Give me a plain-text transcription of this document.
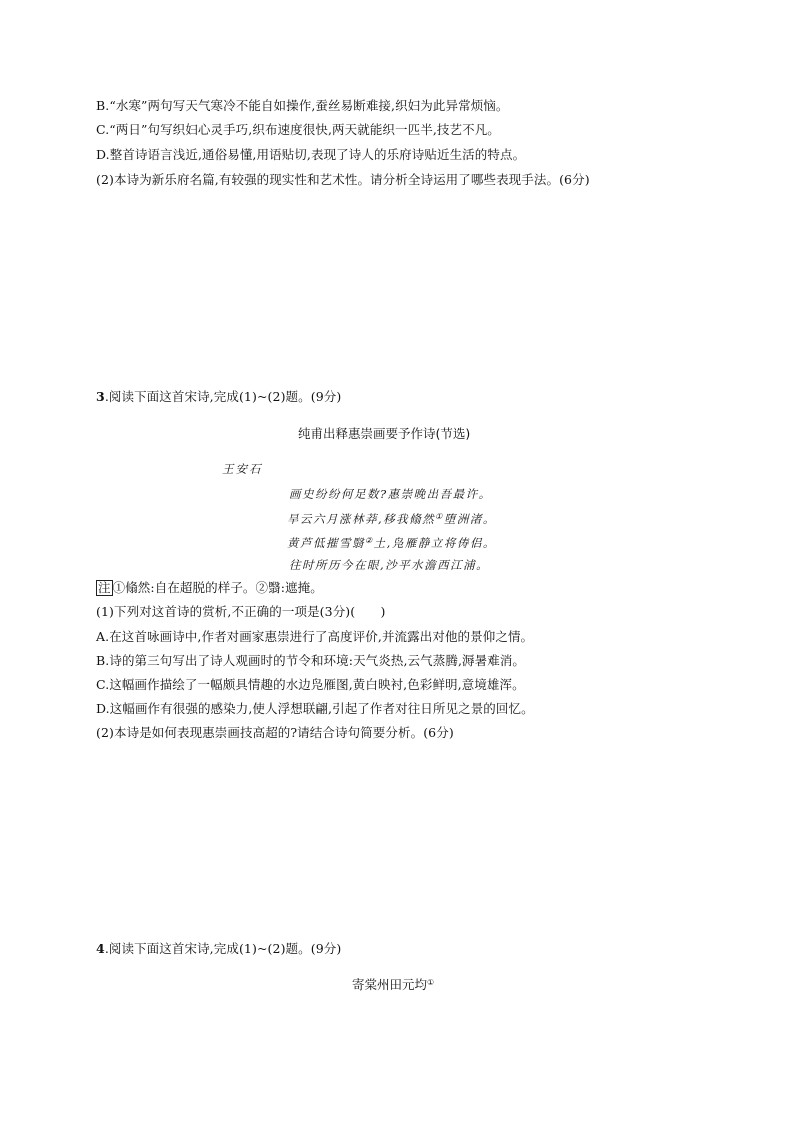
B.“水寒”两句写天气寒冷不能自如操作,蚕丝易断难接,织妇为此异常烦恼。
C.“两日”句写织妇心灵手巧,织布速度很快,两天就能织一匹半,技艺不凡。
D.整首诗语言浅近,通俗易懂,用语贴切,表现了诗人的乐府诗贴近生活的特点。
(2)本诗为新乐府名篇,有较强的现实性和艺术性。请分析全诗运用了哪些表现手法。(6分)
3.阅读下面这首宋诗,完成(1)~(2)题。(9分)
纯甫出释惠崇画要予作诗(节选)
王安石
画史纷纷何足数?惠崇晚出吾最许。
旱云六月涨林莽,移我翛然①堕洲渚。
黄芦低摧雪翳②土,凫雁静立将俦侣。
往时所历今在眼,沙平水澹西江浦。
注 ①翛然:自在超脱的样子。②翳:遮掩。
(1)下列对这首诗的赏析,不正确的一项是(3分)(　　)
A.在这首咏画诗中,作者对画家惠崇进行了高度评价,并流露出对他的景仰之情。
B.诗的第三句写出了诗人观画时的节令和环境:天气炎热,云气蒸腾,溽暑难消。
C.这幅画作描绘了一幅颇具情趣的水边凫雁图,黄白映衬,色彩鲜明,意境雄浑。
D.这幅画作有很强的感染力,使人浮想联翩,引起了作者对往日所见之景的回忆。
(2)本诗是如何表现惠崇画技高超的?请结合诗句简要分析。(6分)
4.阅读下面这首宋诗,完成(1)~(2)题。(9分)
寄棠州田元均①
